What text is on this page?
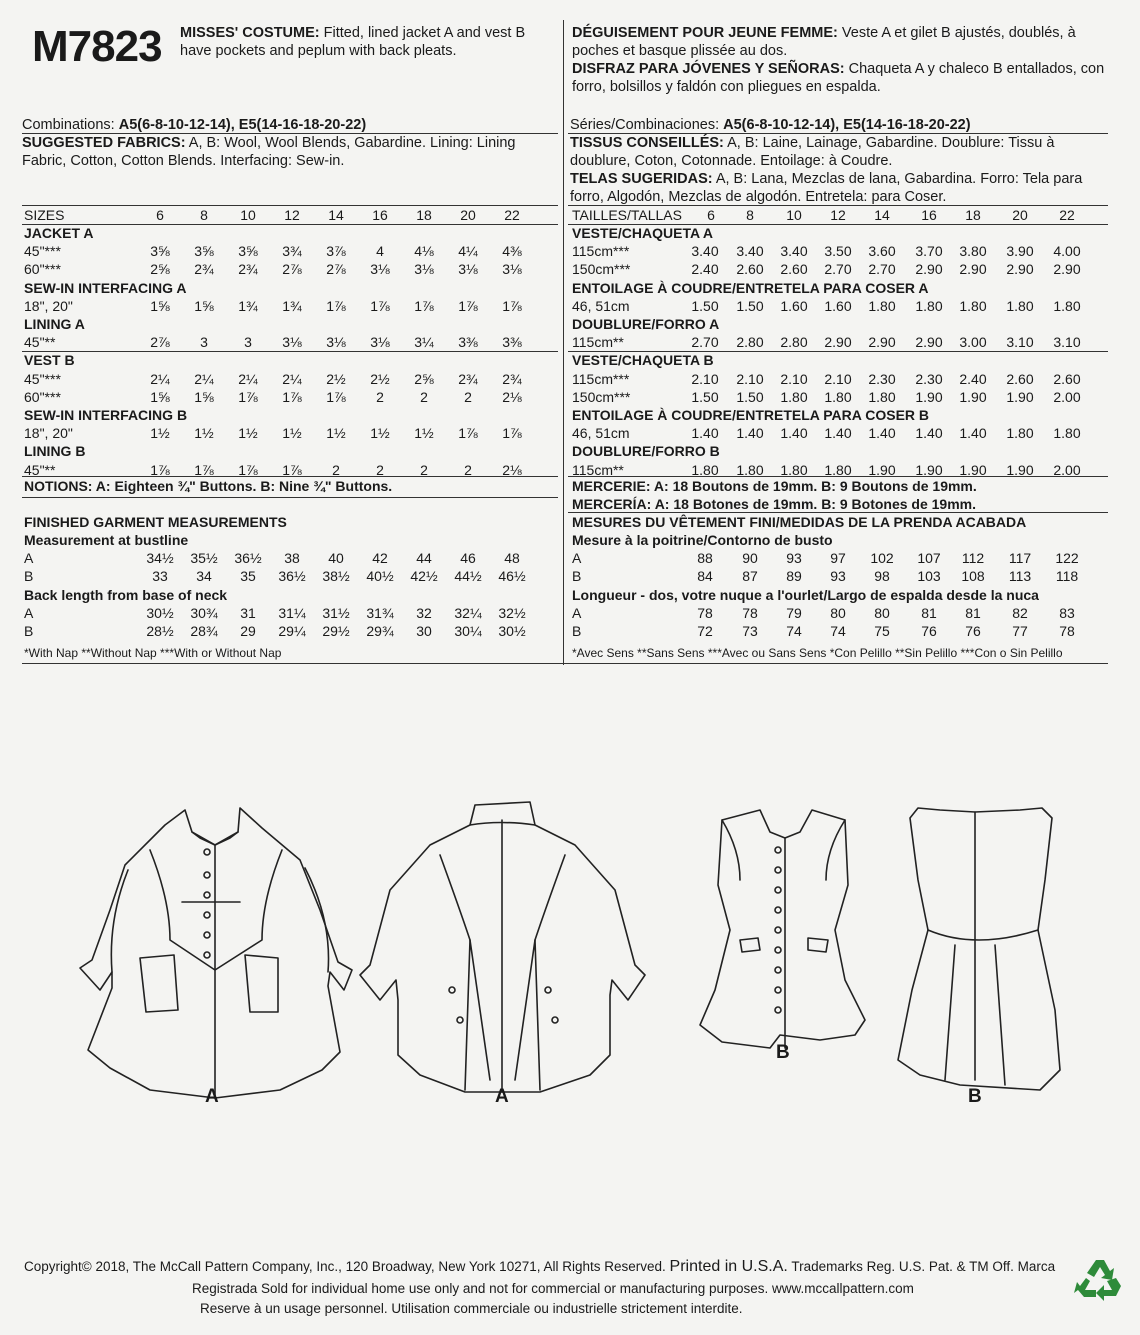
M7823 MISSES' COSTUME: Fitted, lined jacket A and vest B have pockets and peplum with back pleats.
DÉGUISEMENT POUR JEUNE FEMME: Veste A et gilet B ajustés, doublés, à poches et basque plissée au dos.
DISFRAZ PARA JÓVENES Y SEÑORAS: Chaqueta A y chaleco B entallados, con forro, bolsillos y faldón con pliegues en espalda.
Combinations: A5(6-8-10-12-14), E5(14-16-18-20-22)	Séries/Combinaciones: A5(6-8-10-12-14), E5(14-16-18-20-22)
SUGGESTED FABRICS: A, B: Wool, Wool Blends, Gabardine. Lining: Lining Fabric, Cotton, Cotton Blends. Interfacing: Sew-in.
TISSUS CONSEILLÉS: A, B: Laine, Lainage, Gabardine. Doublure: Tissu à doublure, Coton, Cotonnade. Entoilage: à Coudre.
TELAS SUGERIDAS: A, B: Lana, Mezclas de lana, Gabardina. Forro: Tela para forro, Algodón, Mezclas de algodón. Entretela: para Coser.
SIZES	6	8	10	12	14	16	18	20	22
JACKET A
45"***	3⅝	3⅝	3⅝	3¾	3⅞	4	4⅛	4¼	4⅜
60"***	2⅝	2¾	2¾	2⅞	2⅞	3⅛	3⅛	3⅛	3⅛
SEW-IN INTERFACING A
18", 20"	1⅝	1⅝	1¾	1¾	1⅞	1⅞	1⅞	1⅞	1⅞
LINING A
45"**	2⅞	3	3	3⅛	3⅛	3⅛	3¼	3⅜	3⅜
VEST B
45"***	2¼	2¼	2¼	2¼	2½	2½	2⅝	2¾	2¾
60"***	1⅝	1⅝	1⅞	1⅞	1⅞	2	2	2	2⅛
SEW-IN INTERFACING B
18", 20"	1½	1½	1½	1½	1½	1½	1½	1⅞	1⅞
LINING B
45"**	1⅞	1⅞	1⅞	1⅞	2	2	2	2	2⅛
NOTIONS: A: Eighteen ¾" Buttons. B: Nine ¾" Buttons.
FINISHED GARMENT MEASUREMENTS
Measurement at bustline
A	34½	35½	36½	38	40	42	44	46	48
B	33	34	35	36½	38½	40½	42½	44½	46½
Back length from base of neck
A	30½	30¾	31	31¼	31½	31¾	32	32¼	32½
B	28½	28¾	29	29¼	29½	29¾	30	30¼	30½
*With Nap **Without Nap ***With or Without Nap
TAILLES/TALLAS	6	8	10	12	14	16	18	20	22
VESTE/CHAQUETA A
115cm***	3.40	3.40	3.40	3.50	3.60	3.70	3.80	3.90	4.00
150cm***	2.40	2.60	2.60	2.70	2.70	2.90	2.90	2.90	2.90
ENTOILAGE À COUDRE/ENTRETELA PARA COSER A
46, 51cm	1.50	1.50	1.60	1.60	1.80	1.80	1.80	1.80	1.80
DOUBLURE/FORRO A
115cm**	2.70	2.80	2.80	2.90	2.90	2.90	3.00	3.10	3.10
VESTE/CHAQUETA B
115cm***	2.10	2.10	2.10	2.10	2.30	2.30	2.40	2.60	2.60
150cm***	1.50	1.50	1.80	1.80	1.80	1.90	1.90	1.90	2.00
ENTOILAGE À COUDRE/ENTRETELA PARA COSER B
46, 51cm	1.40	1.40	1.40	1.40	1.40	1.40	1.40	1.80	1.80
DOUBLURE/FORRO B
115cm**	1.80	1.80	1.80	1.80	1.90	1.90	1.90	1.90	2.00
MERCERIE: A: 18 Boutons de 19mm. B: 9 Boutons de 19mm.
MERCERÍA: A: 18 Botones de 19mm. B: 9 Botones de 19mm.
MESURES DU VÊTEMENT FINI/MEDIDAS DE LA PRENDA ACABADA
Mesure à la poitrine/Contorno de busto
A	88	90	93	97	102	107	112	117	122
B	84	87	89	93	98	103	108	113	118
Longueur - dos, votre nuque a l'ourlet/Largo de espalda desde la nuca
A	78	78	79	80	80	81	81	82	83
B	72	73	74	74	75	76	76	77	78
*Avec Sens **Sans Sens ***Avec ou Sans Sens *Con Pelillo **Sin Pelillo ***Con o Sin Pelillo
A	A
B
B
Copyright© 2018, The McCall Pattern Company, Inc., 120 Broadway, New York 10271, All Rights Reserved. Printed in U.S.A. Trademarks Reg. U.S. Pat. & TM Off. Marca
Registrada Sold for individual home use only and not for commercial or manufacturing purposes. www.mccallpattern.com
Reserve à un usage personnel. Utilisation commerciale ou industrielle strictement interdite.
